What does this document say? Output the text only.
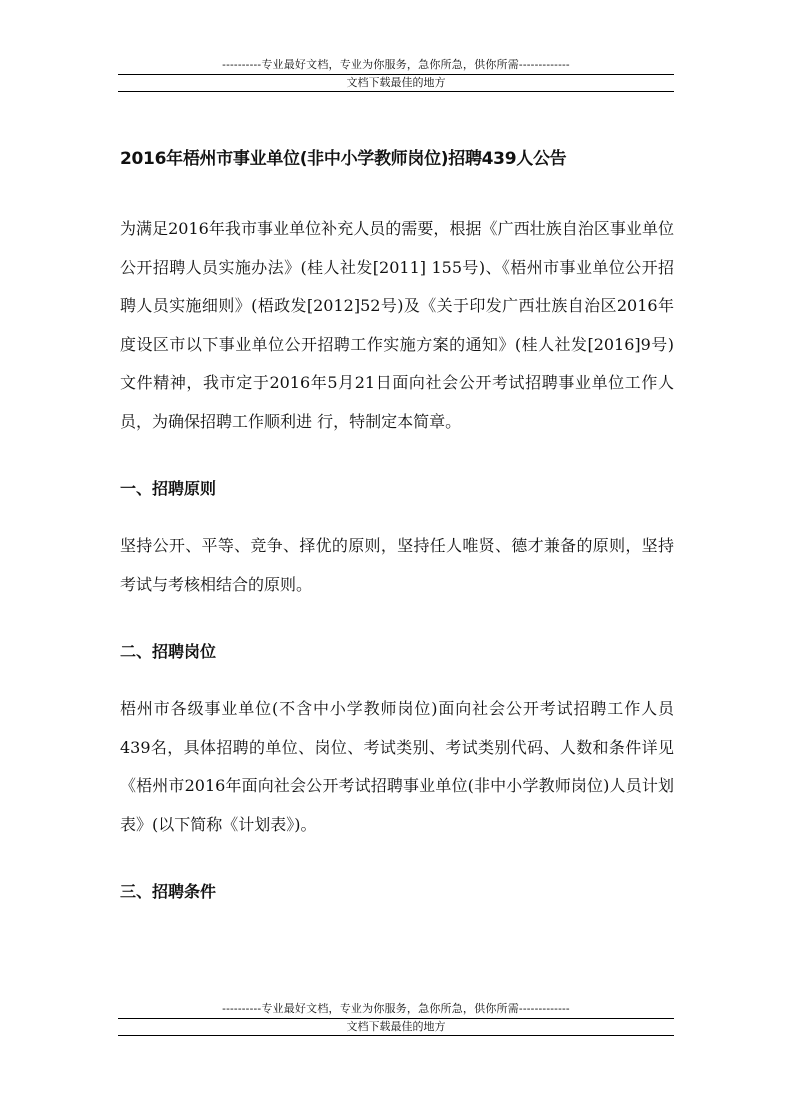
----------专业最好文档，专业为你服务，急你所急，供你所需-------------
文档下载最佳的地方
2016年梧州市事业单位(非中小学教师岗位)招聘439人公告

为满足2016年我市事业单位补充人员的需要，根据《广西壮族自治区事业单位公开招聘人员实施办法》(桂人社发[2011] 155号)、《梧州市事业单位公开招聘人员实施细则》(梧政发[2012]52号)及《关于印发广西壮族自治区2016年度设区市以下事业单位公开招聘工作实施方案的通知》(桂人社发[2016]9号)文件精神，我市定于2016年5月21日面向社会公开考试招聘事业单位工作人员，为确保招聘工作顺利进 行，特制定本简章。

一、招聘原则

坚持公开、平等、竞争、择优的原则，坚持任人唯贤、德才兼备的原则，坚持考试与考核相结合的原则。

二、招聘岗位

梧州市各级事业单位(不含中小学教师岗位)面向社会公开考试招聘工作人员439名，具体招聘的单位、岗位、考试类别、考试类别代码、人数和条件详见《梧州市2016年面向社会公开考试招聘事业单位(非中小学教师岗位)人员计划表》(以下简称《计划表》)。

三、招聘条件
----------专业最好文档，专业为你服务，急你所急，供你所需-------------
文档下载最佳的地方
